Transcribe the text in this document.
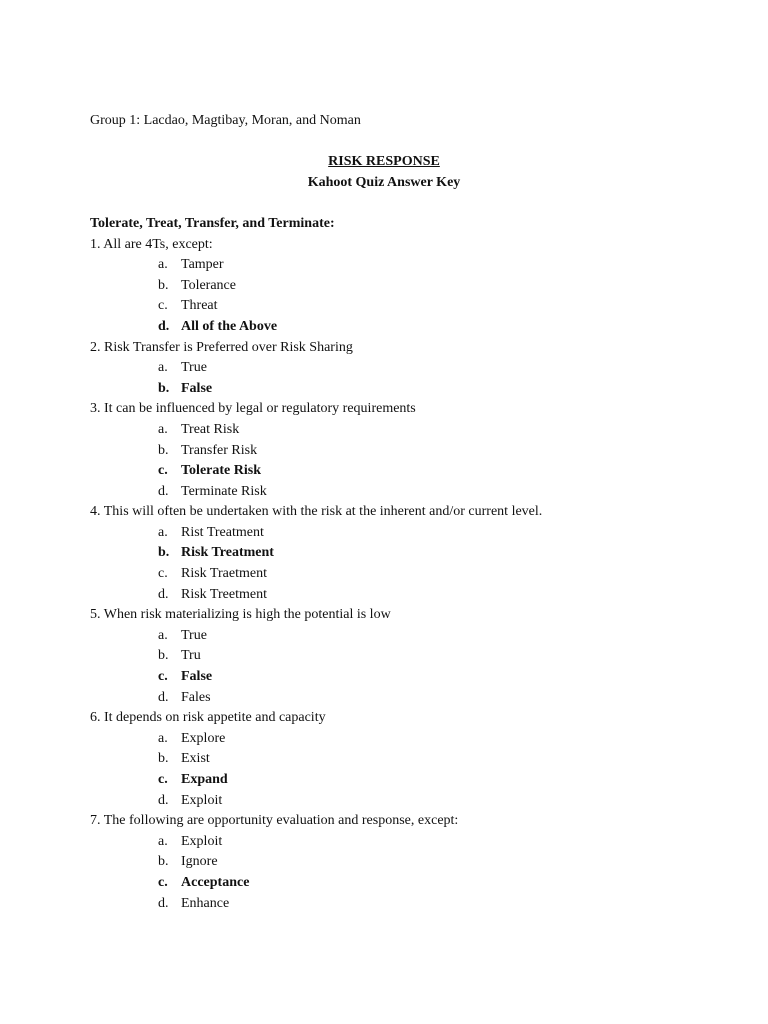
Group 1: Lacdao, Magtibay, Moran, and Noman
RISK RESPONSE
Kahoot Quiz Answer Key
Tolerate, Treat, Transfer, and Terminate:
1. All are 4Ts, except:
a. Tamper
b. Tolerance
c. Threat
d. All of the Above
2. Risk Transfer is Preferred over Risk Sharing
a. True
b. False
3. It can be influenced by legal or regulatory requirements
a. Treat Risk
b. Transfer Risk
c. Tolerate Risk
d. Terminate Risk
4. This will often be undertaken with the risk at the inherent and/or current level.
a. Rist Treatment
b. Risk Treatment
c. Risk Traetment
d. Risk Treetment
5. When risk materializing is high the potential is low
a. True
b. Tru
c. False
d. Fales
6. It depends on risk appetite and capacity
a. Explore
b. Exist
c. Expand
d. Exploit
7. The following are opportunity evaluation and response, except:
a. Exploit
b. Ignore
c. Acceptance
d. Enhance
